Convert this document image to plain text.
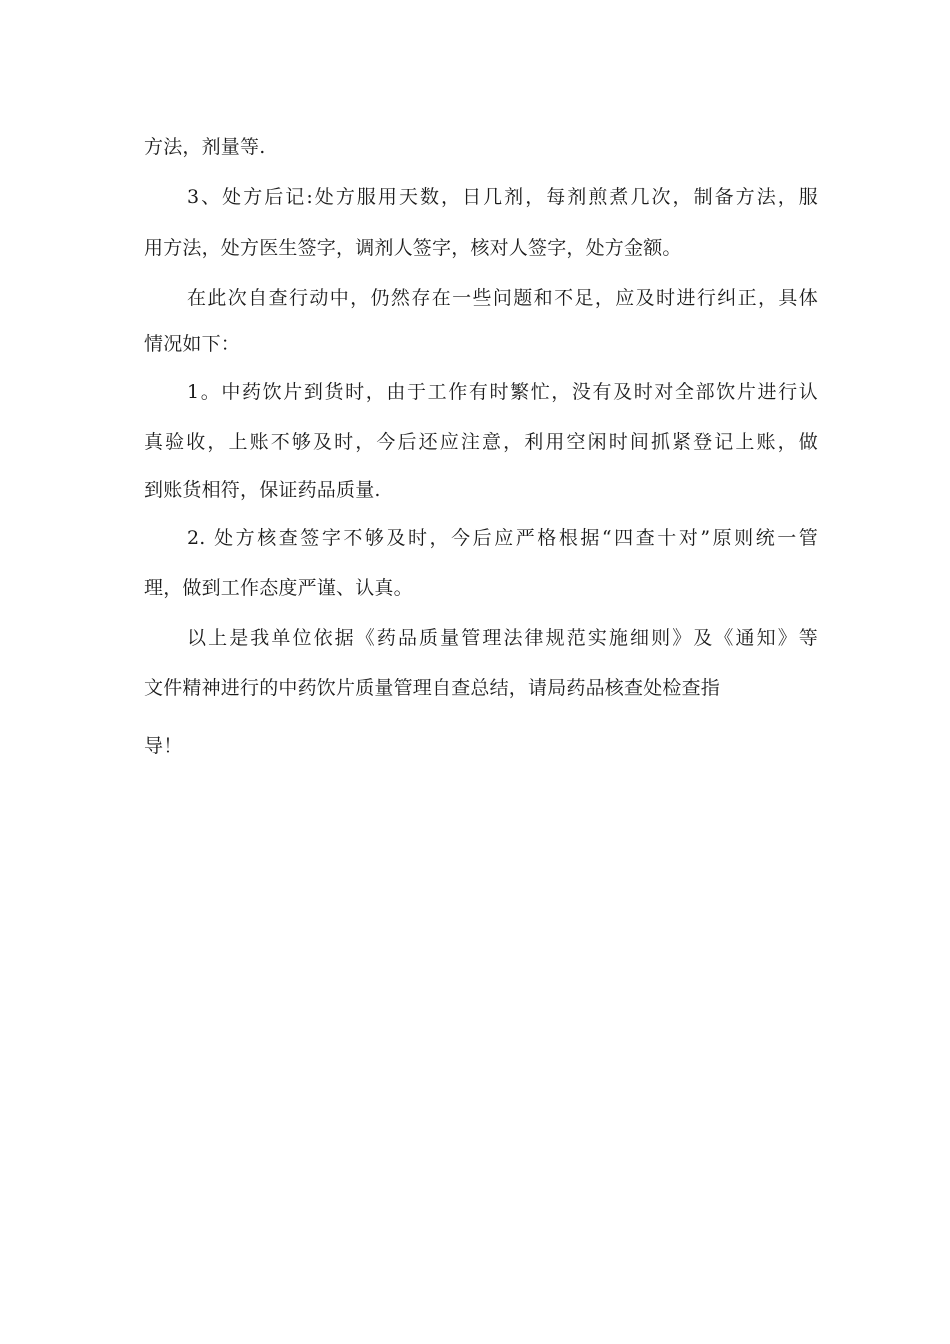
方法，剂量等.
3、处方后记:处方服用天数，日几剂，每剂煎煮几次，制备方法，服
用方法，处方医生签字，调剂人签字，核对人签字，处方金额。
在此次自查行动中，仍然存在一些问题和不足，应及时进行纠正，具体
情况如下：
1。中药饮片到货时，由于工作有时繁忙，没有及时对全部饮片进行认
真验收，上账不够及时，今后还应注意，利用空闲时间抓紧登记上账，做
到账货相符，保证药品质量.
2. 处方核查签字不够及时，今后应严格根据“四查十对”原则统一管
理，做到工作态度严谨、认真。
以上是我单位依据《药品质量管理法律规范实施细则》及《通知》等
文件精神进行的中药饮片质量管理自查总结，请局药品核查处检查指
导！
